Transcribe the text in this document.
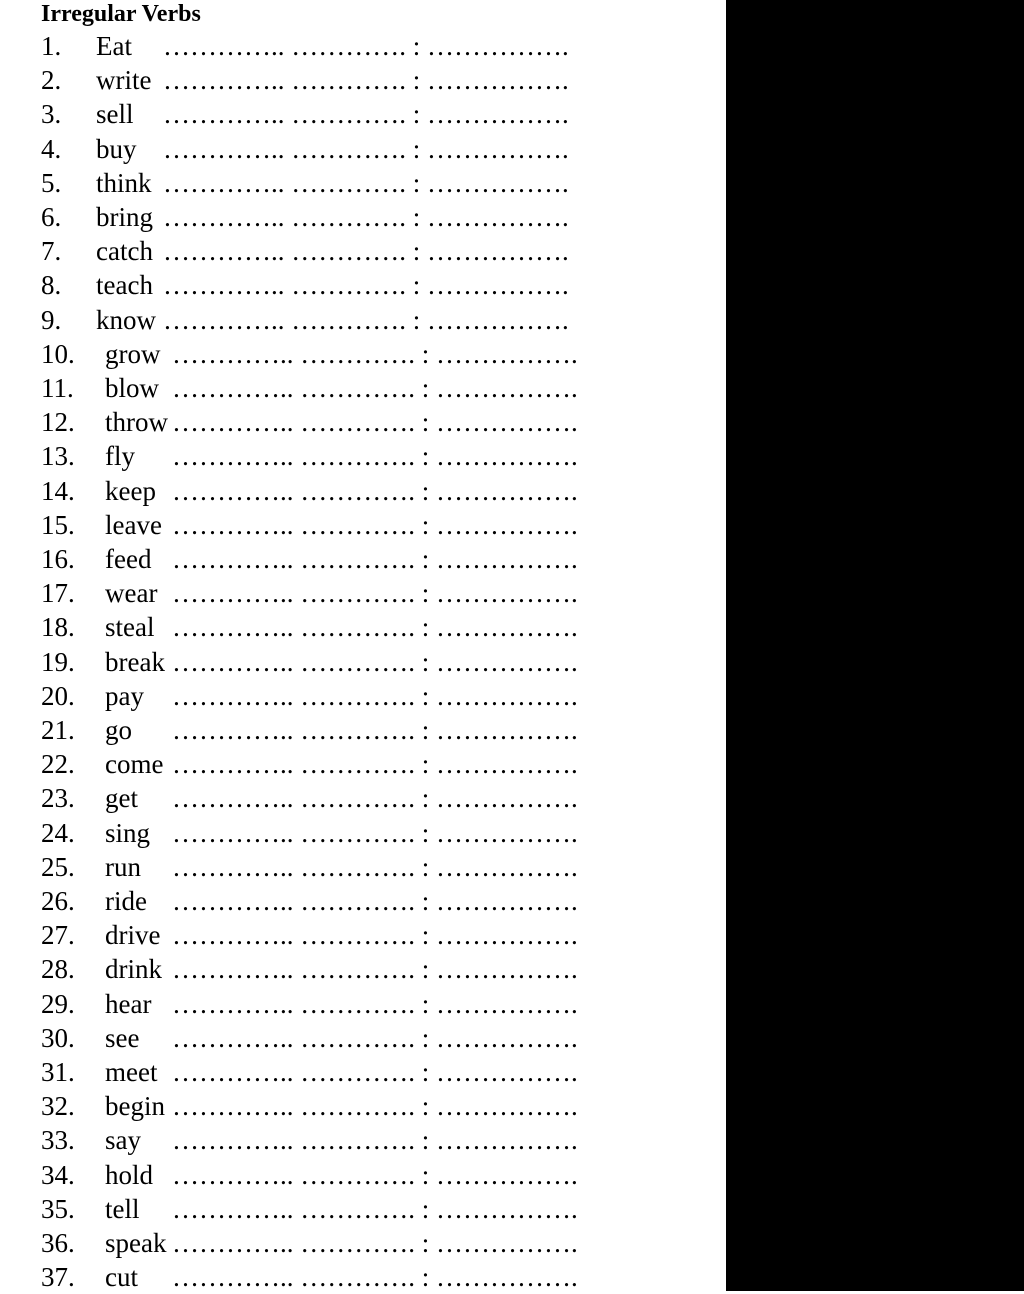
Irregular Verbs
1. Eat ………….. …………. : …………….
2. write ………….. …………. : …………….
3. sell ………….. …………. : …………….
4. buy ………….. …………. : …………….
5. think ………….. …………. : …………….
6. bring ………….. …………. : …………….
7. catch ………….. …………. : …………….
8. teach ………….. …………. : …………….
9. know ………….. …………. : …………….
10. grow ………….. …………. : …………….
11. blow ………….. …………. : …………….
12. throw ………….. …………. : …………….
13. fly ………….. …………. : …………….
14. keep ………….. …………. : …………….
15. leave ………….. …………. : …………….
16. feed ………….. …………. : …………….
17. wear ………….. …………. : …………….
18. steal ………….. …………. : …………….
19. break ………….. …………. : …………….
20. pay ………….. …………. : …………….
21. go ………….. …………. : …………….
22. come ………….. …………. : …………….
23. get ………….. …………. : …………….
24. sing ………….. …………. : …………….
25. run ………….. …………. : …………….
26. ride ………….. …………. : …………….
27. drive ………….. …………. : …………….
28. drink ………….. …………. : …………….
29. hear ………….. …………. : …………….
30. see ………….. …………. : …………….
31. meet ………….. …………. : …………….
32. begin ………….. …………. : …………….
33. say ………….. …………. : …………….
34. hold ………….. …………. : …………….
35. tell ………….. …………. : …………….
36. speak ………….. …………. : …………….
37. cut ………….. …………. : …………….
